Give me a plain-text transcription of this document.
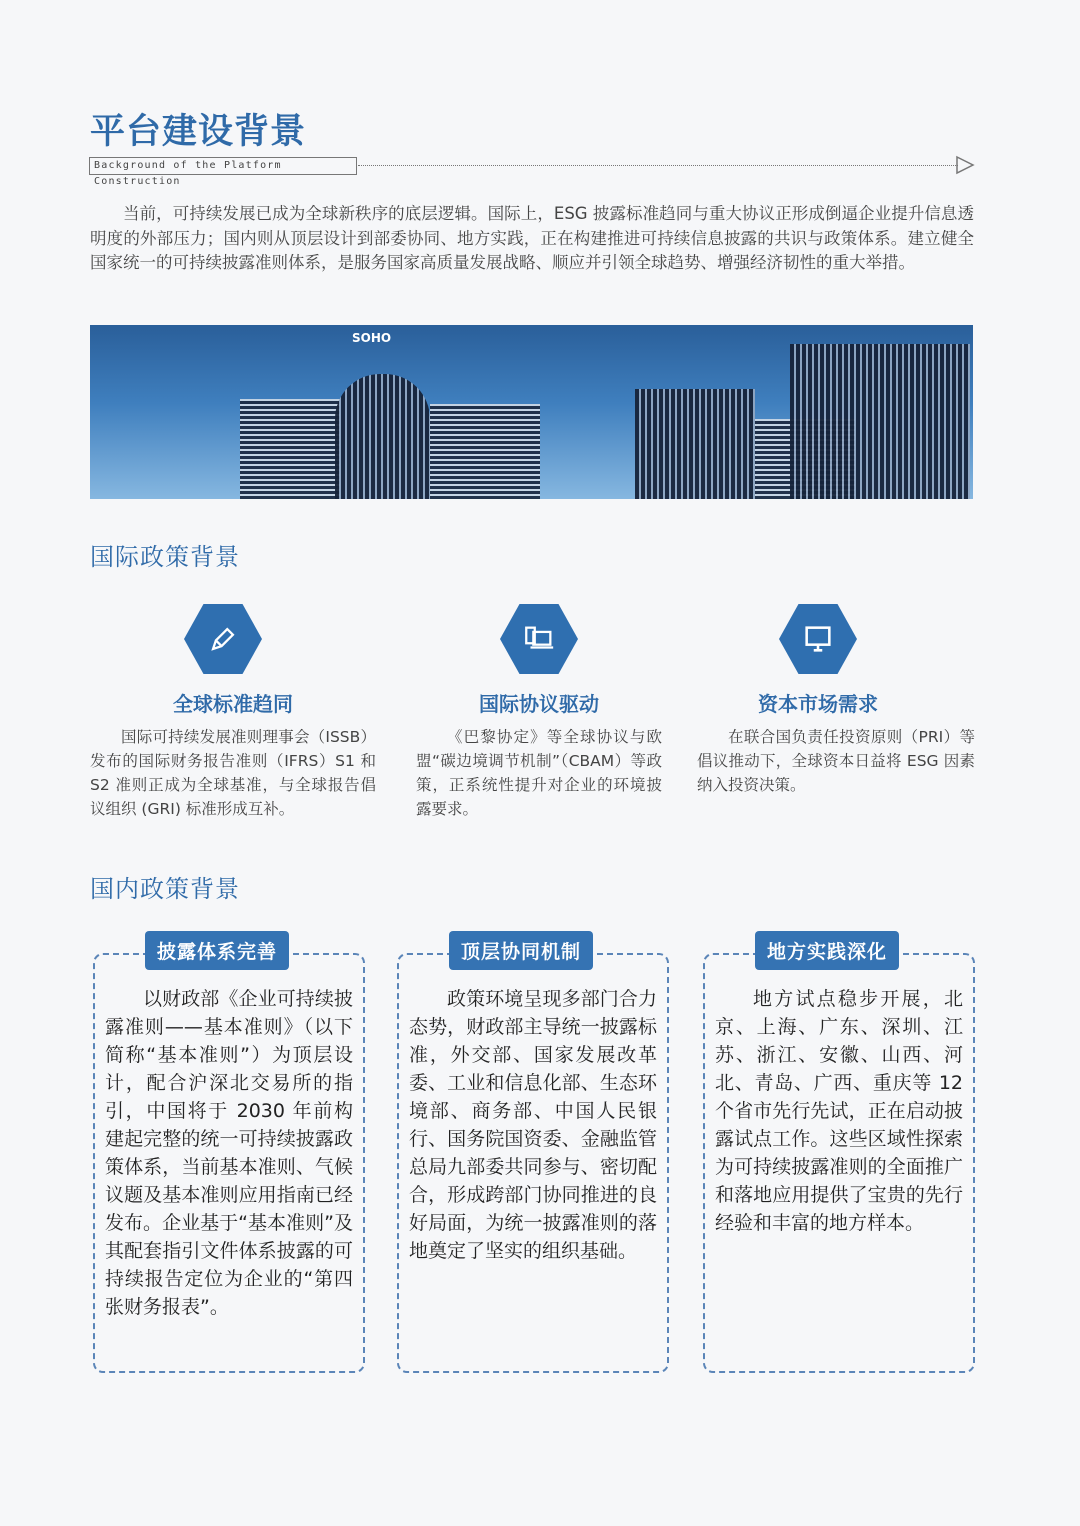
平台建设背景
Background of the Platform Construction

当前，可持续发展已成为全球新秩序的底层逻辑。国际上，ESG 披露标准趋同与重大协议正形成倒逼企业提升信息透明度的外部压力；国内则从顶层设计到部委协同、地方实践，正在构建推进可持续信息披露的共识与政策体系。建立健全国家统一的可持续披露准则体系，是服务国家高质量发展战略、顺应并引领全球趋势、增强经济韧性的重大举措。

SOHO
国际政策背景
全球标准趋同

国际可持续发展准则理事会（ISSB）发布的国际财务报告准则（IFRS）S1 和 S2 准则正成为全球基准，与全球报告倡议组织 (GRI) 标准形成互补。

国际协议驱动

《巴黎协定》等全球协议与欧盟“碳边境调节机制”（CBAM）等政策，正系统性提升对企业的环境披露要求。

资本市场需求

在联合国负责任投资原则（PRI）等倡议推动下，全球资本日益将 ESG 因素纳入投资决策。

国内政策背景
披露体系完善

以财政部《企业可持续披露准则——基本准则》（以下简称“基本准则”）为顶层设计，配合沪深北交易所的指引，中国将于 2030 年前构建起完整的统一可持续披露政策体系，当前基本准则、气候议题及基本准则应用指南已经发布。企业基于“基本准则”及其配套指引文件体系披露的可持续报告定位为企业的“第四张财务报表”。

顶层协同机制

政策环境呈现多部门合力态势，财政部主导统一披露标准，外交部、国家发展改革委、工业和信息化部、生态环境部、商务部、中国人民银行、国务院国资委、金融监管总局九部委共同参与、密切配合，形成跨部门协同推进的良好局面，为统一披露准则的落地奠定了坚实的组织基础。

地方实践深化

地方试点稳步开展，北京、上海、广东、深圳、江苏、浙江、安徽、山西、河北、青岛、广西、重庆等 12 个省市先行先试，正在启动披露试点工作。这些区域性探索为可持续披露准则的全面推广和落地应用提供了宝贵的先行经验和丰富的地方样本。
